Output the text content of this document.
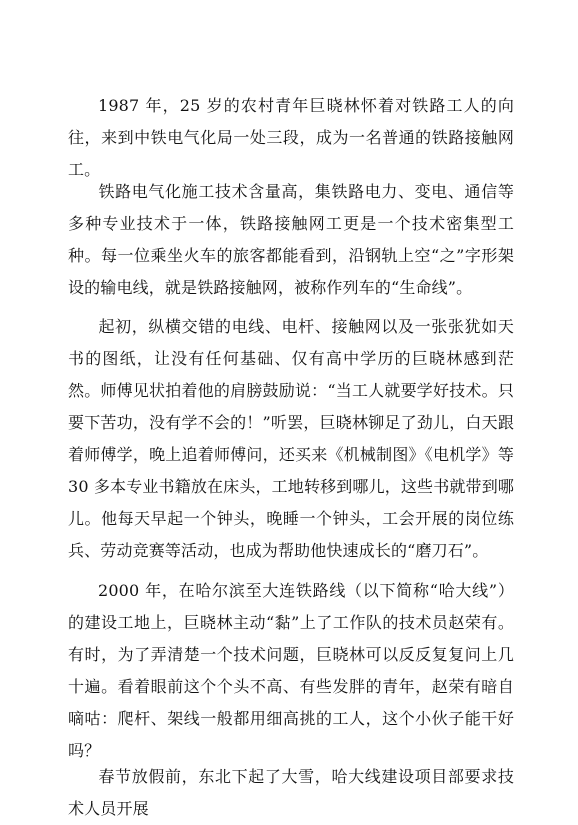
1987 年，25 岁的农村青年巨晓林怀着对铁路工人的向往，来到中铁电气化局一处三段，成为一名普通的铁路接触网工。

铁路电气化施工技术含量高，集铁路电力、变电、通信等多种专业技术于一体，铁路接触网工更是一个技术密集型工种。每一位乘坐火车的旅客都能看到，沿钢轨上空“之”字形架设的输电线，就是铁路接触网，被称作列车的“生命线”。

起初，纵横交错的电线、电杆、接触网以及一张张犹如天书的图纸，让没有任何基础、仅有高中学历的巨晓林感到茫然。师傅见状拍着他的肩膀鼓励说：“当工人就要学好技术。只要下苦功，没有学不会的！”听罢，巨晓林铆足了劲儿，白天跟着师傅学，晚上追着师傅问，还买来《机械制图》《电机学》等 30 多本专业书籍放在床头，工地转移到哪儿，这些书就带到哪儿。他每天早起一个钟头，晚睡一个钟头，工会开展的岗位练兵、劳动竞赛等活动，也成为帮助他快速成长的“磨刀石”。

2000 年，在哈尔滨至大连铁路线（以下简称“哈大线”）的建设工地上，巨晓林主动“黏”上了工作队的技术员赵荣有。有时，为了弄清楚一个技术问题，巨晓林可以反反复复问上几十遍。看着眼前这个个头不高、有些发胖的青年，赵荣有暗自嘀咕：爬杆、架线一般都用细高挑的工人，这个小伙子能干好吗？

春节放假前，东北下起了大雪，哈大线建设项目部要求技术人员开展
